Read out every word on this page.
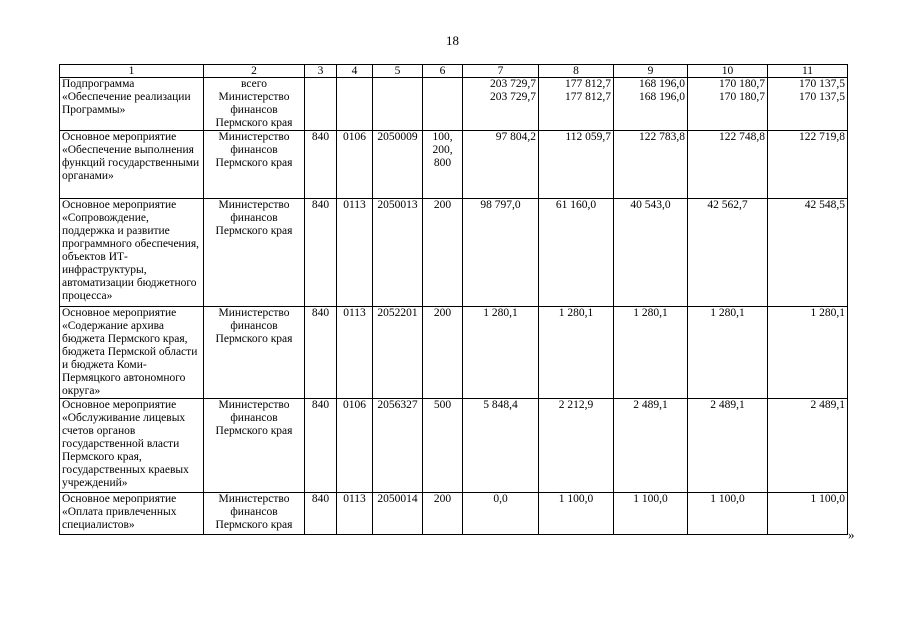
18
1	2	3	4	5	6	7	8	9	10	11
Подпрограмма «Обеспечение реализации Программы»	всего					203 729,7	177 812,7	168 196,0	170 180,7	170 137,5
	Министерство финансов Пермского края					203 729,7	177 812,7	168 196,0	170 180,7	170 137,5
Основное мероприятие «Обеспечение выполнения функций государственными органами»	Министерство финансов Пермского края	840	0106	2050009	100, 200, 800	97 804,2	112 059,7	122 783,8	122 748,8	122 719,8
Основное мероприятие «Сопровождение, поддержка и развитие программного обеспечения, объектов ИТ-инфраструктуры, автоматизации бюджетного процесса»	Министерство финансов Пермского края	840	0113	2050013	200	98 797,0	61 160,0	40 543,0	42 562,7	42 548,5
Основное мероприятие «Содержание архива бюджета Пермского края, бюджета Пермской области и бюджета Коми-Пермяцкого автономного округа»	Министерство финансов Пермского края	840	0113	2052201	200	1 280,1	1 280,1	1 280,1	1 280,1	1 280,1
Основное мероприятие «Обслуживание лицевых счетов органов государственной власти Пермского края, государственных краевых учреждений»	Министерство финансов Пермского края	840	0106	2056327	500	5 848,4	2 212,9	2 489,1	2 489,1	2 489,1
Основное мероприятие «Оплата привлеченных специалистов»	Министерство финансов Пермского края	840	0113	2050014	200	0,0	1 100,0	1 100,0	1 100,0	1 100,0
»
